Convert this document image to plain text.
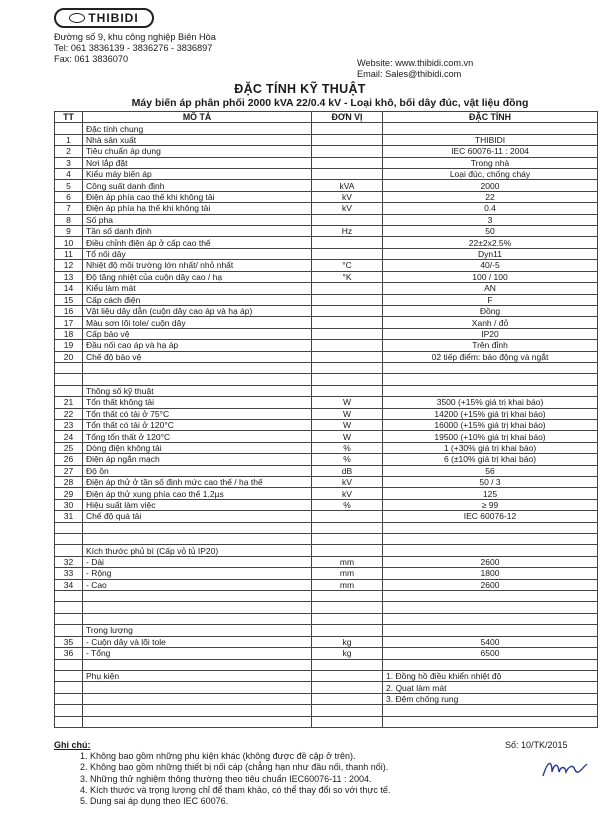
THIBIDI
Đường số 9, khu công nghiệp Biên Hòa
Tel: 061 3836139 - 3836276 - 3836897
Fax: 061 3836070	Website: www.thibidi.com.vn
Email: Sales@thibidi.com
ĐẶC TÍNH KỸ THUẬT
Máy biến áp phân phối 2000 kVA 22/0.4 kV - Loại khô, bối dây đúc, vật liệu đồng
TT	MÔ TẢ	ĐƠN VỊ	ĐẶC TÍNH
	Đặc tính chung		
1	Nhà sản xuất		THIBIDI
2	Tiêu chuẩn áp dụng		IEC 60076-11 : 2004
3	Nơi lắp đặt		Trong nhà
4	Kiểu máy biến áp		Loại đúc, chống cháy
5	Công suất danh định	kVA	2000
6	Điện áp phía cao thế khi không tải	kV	22
7	Điện áp phía hạ thế khi không tải	kV	0.4
8	Số pha		3
9	Tần số danh định	Hz	50
10	Điều chỉnh điện áp ở cấp cao thế		22±2x2.5%
11	Tổ nối dây		Dyn11
12	Nhiệt độ môi trường lớn nhất/ nhỏ nhất	°C	40/-5
13	Độ tăng nhiệt của cuộn dây cao / hạ	°K	100 / 100
14	Kiểu làm mát		AN
15	Cấp cách điện		F
16	Vật liệu dây dẫn (cuộn dây cao áp và hạ áp)		Đồng
17	Màu sơn lõi tole/ cuộn dây		Xanh / đỏ
18	Cấp bảo vệ		IP20
19	Đầu nối cao áp và hạ áp		Trên đỉnh
20	Chế độ bảo vệ		02 tiếp điểm: báo động và ngắt

	Thông số kỹ thuật		
21	Tổn thất không tải	W	3500 (+15% giá trị khai báo)
22	Tổn thất có tải ở 75°C	W	14200 (+15% giá trị khai báo)
23	Tổn thất có tải ở 120°C	W	16000 (+15% giá trị khai báo)
24	Tổng tổn thất ở 120°C	W	19500 (+10% giá trị khai báo)
25	Dòng điện không tải	%	1 (+30% giá trị khai báo)
26	Điện áp ngắn mạch	%	6 (±10% giá trị khai báo)
27	Độ ồn	dB	56
28	Điện áp thử ở tần số định mức cao thế / hạ thế	kV	50 / 3
29	Điện áp thử xung phía cao thế 1.2µs	kV	125
30	Hiệu suất làm việc	%	≥ 99
31	Chế độ quá tải		IEC 60076-12

	Kích thước phủ bì (Cấp vỏ tủ IP20)		
32	- Dài	mm	2600
33	- Rộng	mm	1800
34	- Cao	mm	2600

	Trọng lượng		
35	- Cuộn dây và lõi tole	kg	5400
36	- Tổng	kg	6500

	Phụ kiện		1. Đồng hồ điều khiển nhiệt độ
			2. Quạt làm mát
			3. Đệm chống rung

Ghi chú:
1. Không bao gồm những phụ kiện khác (không được đề cập ở trên).
2. Không bao gồm những thiết bị nối cáp (chẳng hạn như đầu nối, thanh nối).
3. Những thử nghiệm thông thường theo tiêu chuẩn IEC60076-11 : 2004.
4. Kích thước và trọng lượng chỉ để tham khảo, có thể thay đổi so với thực tế.
5. Dung sai áp dụng theo IEC 60076.
Số: 10/TK/2015
